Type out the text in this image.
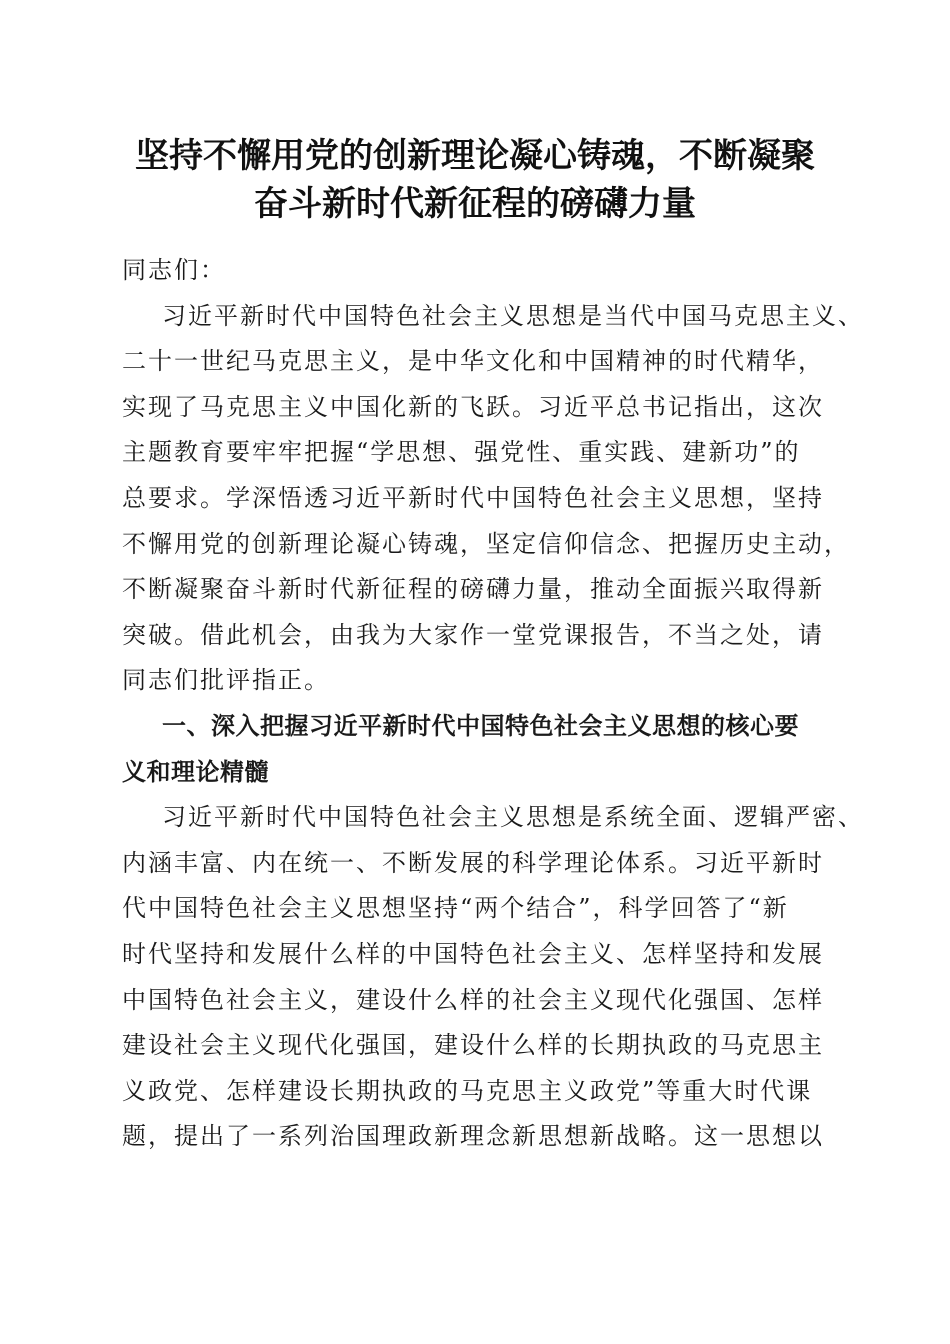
坚持不懈用党的创新理论凝心铸魂，不断凝聚
奋斗新时代新征程的磅礴力量
同志们：
习近平新时代中国特色社会主义思想是当代中国马克思主义、
二十一世纪马克思主义，是中华文化和中国精神的时代精华，
实现了马克思主义中国化新的飞跃。习近平总书记指出，这次
主题教育要牢牢把握“学思想、强党性、重实践、建新功”的
总要求。学深悟透习近平新时代中国特色社会主义思想，坚持
不懈用党的创新理论凝心铸魂，坚定信仰信念、把握历史主动，
不断凝聚奋斗新时代新征程的磅礴力量，推动全面振兴取得新
突破。借此机会，由我为大家作一堂党课报告，不当之处，请
同志们批评指正。
一、深入把握习近平新时代中国特色社会主义思想的核心要
义和理论精髓
习近平新时代中国特色社会主义思想是系统全面、逻辑严密、
内涵丰富、内在统一、不断发展的科学理论体系。习近平新时
代中国特色社会主义思想坚持“两个结合”，科学回答了“新
时代坚持和发展什么样的中国特色社会主义、怎样坚持和发展
中国特色社会主义，建设什么样的社会主义现代化强国、怎样
建设社会主义现代化强国，建设什么样的长期执政的马克思主
义政党、怎样建设长期执政的马克思主义政党”等重大时代课
题，提出了一系列治国理政新理念新思想新战略。这一思想以
